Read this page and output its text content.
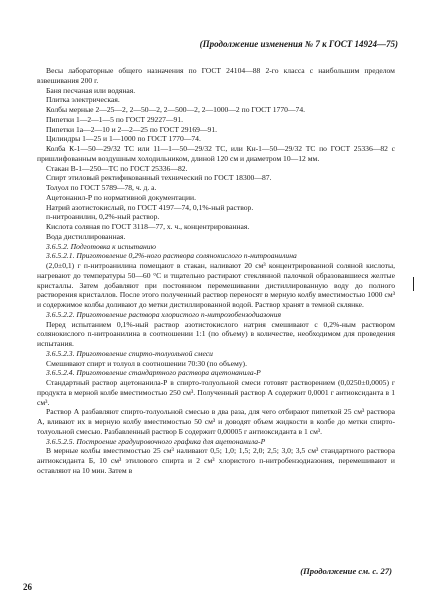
(Продолжение изменения № 7 к ГОСТ 14924—75)

Весы лабораторные общего назначения по ГОСТ 24104—88 2-го класса с наибольшим пределом взвешивания 200 г.

Баня песчаная или водяная.

Плитка электрическая.

Колбы мерные 2—25—2, 2—50—2, 2—500—2, 2—1000—2 по ГОСТ 1770—74.

Пипетки 1—2—1—5 по ГОСТ 29227—91.

Пипетки 1а—2—10 и 2—2—25 по ГОСТ 29169—91.

Цилиндры 1—25 и 1—1000 по ГОСТ 1770—74.

Колба К-1—50—29/32 ТС или 11—1—50—29/32 ТС, или Кн-1—50—29/32 ТС по ГОСТ 25336—82 с пришлифованным воздушным холодильником, длиной 120 см и диаметром 10—12 мм.

Стакан В-1—250—ТС по ГОСТ 25336—82.

Спирт этиловый ректификованный технический по ГОСТ 18300—87.

Толуол по ГОСТ 5789—78, ч. д. а.

Ацетонанил-Р по нормативной документации.

Натрий азотистокислый, по ГОСТ 4197—74, 0,1%-ный раствор.

п-нитроанилин, 0,2%-ный раствор.

Кислота соляная по ГОСТ 3118—77, х. ч., концентрированная.

Вода дистиллированная.

3.6.5.2. Подготовка к испытанию

3.6.5.2.1. Приготовление 0,2%-ного раствора солянокислого п-нитроанилина

(2,0±0,1) г п-нитроанилина помещают в стакан, наливают 20 см³ концентрированной соляной кислоты, нагревают до температуры 50—60 °С и тщательно растирают стеклянной палочкой образовавшиеся желтые кристаллы. Затем добавляют при постоянном перемешивании дистиллированную воду до полного растворения кристаллов. После этого полученный раствор переносят в мерную колбу вместимостью 1000 см³ и содержимое колбы доливают до метки дистиллированной водой. Раствор хранят в темной склянке.

3.6.5.2.2. Приготовление раствора хлористого п-нитрозобензодиазония

Перед испытанием 0,1%-ный раствор азотистокислого натрия смешивают с 0,2%-ным раствором солянокислого п-нитроанилина в соотношении 1:1 (по объему) в количестве, необходимом для проведения испытания.

3.6.5.2.3. Приготовление спирто-толуольной смеси

Смешивают спирт и толуол в соотношении 70:30 (по объему).

3.6.5.2.4. Приготовление стандартного раствора ацетонанила-Р

Стандартный раствор ацетонанила-Р в спирто-толуольной смеси готовят растворением (0,0250±0,0005) г продукта в мерной колбе вместимостью 250 см³. Полученный раствор А содержит 0,0001 г антиоксиданта в 1 см³.

Раствор А разбавляют спирто-толуольной смесью в два раза, для чего отбирают пипеткой 25 см³ раствора А, вливают их в мерную колбу вместимостью 50 см³ и доводят объем жидкости в колбе до метки спирто-толуольной смесью. Разбавленный раствор Б содержит 0,00005 г антиоксиданта в 1 см³.

3.6.5.2.5. Построение градуировочного графика для ацетонанила-Р

В мерные колбы вместимостью 25 см³ наливают 0,5; 1,0; 1,5; 2,0; 2,5; 3,0; 3,5 см³ стандартного раствора антиоксиданта Б, 10 см³ этилового спирта и 2 см³ хлористого п-нитробензодиазония, перемешивают и оставляют на 10 мин. Затем в

(Продолжение см. с. 27)
26
